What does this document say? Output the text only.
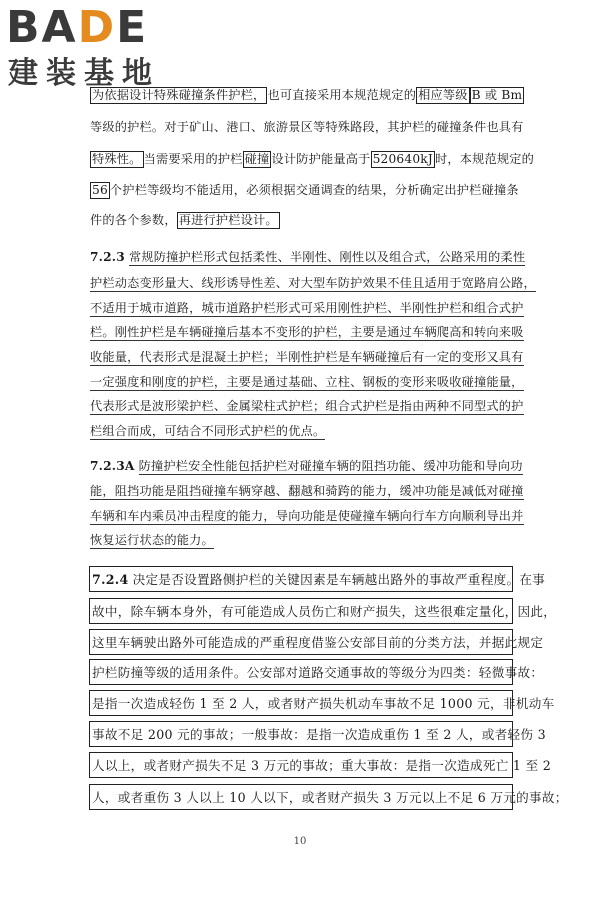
BADE
建装基地
为依据设计特殊碰撞条件护栏， 也可直接采用本规范规定的 相应等级 B 或 Bm
等级的护栏。对于矿山、港口、旅游景区等特殊路段，其护栏的碰撞条件也具有
特殊性。 当需要采用的护栏 碰撞 设计防护能量高于 520640kJ 时，本规范规定的
56 个护栏等级均不能适用，必须根据交通调查的结果，分析确定出护栏碰撞条
件的各个参数， 再进行护栏设计。
7.2.3 常规防撞护栏形式包括柔性、半刚性、刚性以及组合式，公路采用的柔性
护栏动态变形量大、线形诱导性差、对大型车防护效果不佳且适用于宽路肩公路，
不适用于城市道路，城市道路护栏形式可采用刚性护栏、半刚性护栏和组合式护
栏。刚性护栏是车辆碰撞后基本不变形的护栏，主要是通过车辆爬高和转向来吸
收能量，代表形式是混凝土护栏；半刚性护栏是车辆碰撞后有一定的变形又具有
一定强度和刚度的护栏，主要是通过基础、立柱、钢板的变形来吸收碰撞能量，
代表形式是波形梁护栏、金属梁柱式护栏；组合式护栏是指由两种不同型式的护
栏组合而成，可结合不同形式护栏的优点。
7.2.3A 防撞护栏安全性能包括护栏对碰撞车辆的阻挡功能、缓冲功能和导向功
能，阻挡功能是阻挡碰撞车辆穿越、翻越和骑跨的能力，缓冲功能是减低对碰撞
车辆和车内乘员冲击程度的能力，导向功能是使碰撞车辆向行车方向顺利导出并
恢复运行状态的能力。
7.2.4 决定是否设置路侧护栏的关键因素是车辆越出路外的事故严重程度。在事
故中，除车辆本身外，有可能造成人员伤亡和财产损失，这些很难定量化，因此，
这里车辆驶出路外可能造成的严重程度借鉴公安部目前的分类方法，并据此规定
护栏防撞等级的适用条件。公安部对道路交通事故的等级分为四类：轻微事故：
是指一次造成轻伤 1 至 2 人，或者财产损失机动车事故不足 1000 元，非机动车
事故不足 200 元的事故；一般事故：是指一次造成重伤 1 至 2 人，或者轻伤 3
人以上，或者财产损失不足 3 万元的事故；重大事故：是指一次造成死亡 1 至 2
人，或者重伤 3 人以上 10 人以下，或者财产损失 3 万元以上不足 6 万元的事故；
10
